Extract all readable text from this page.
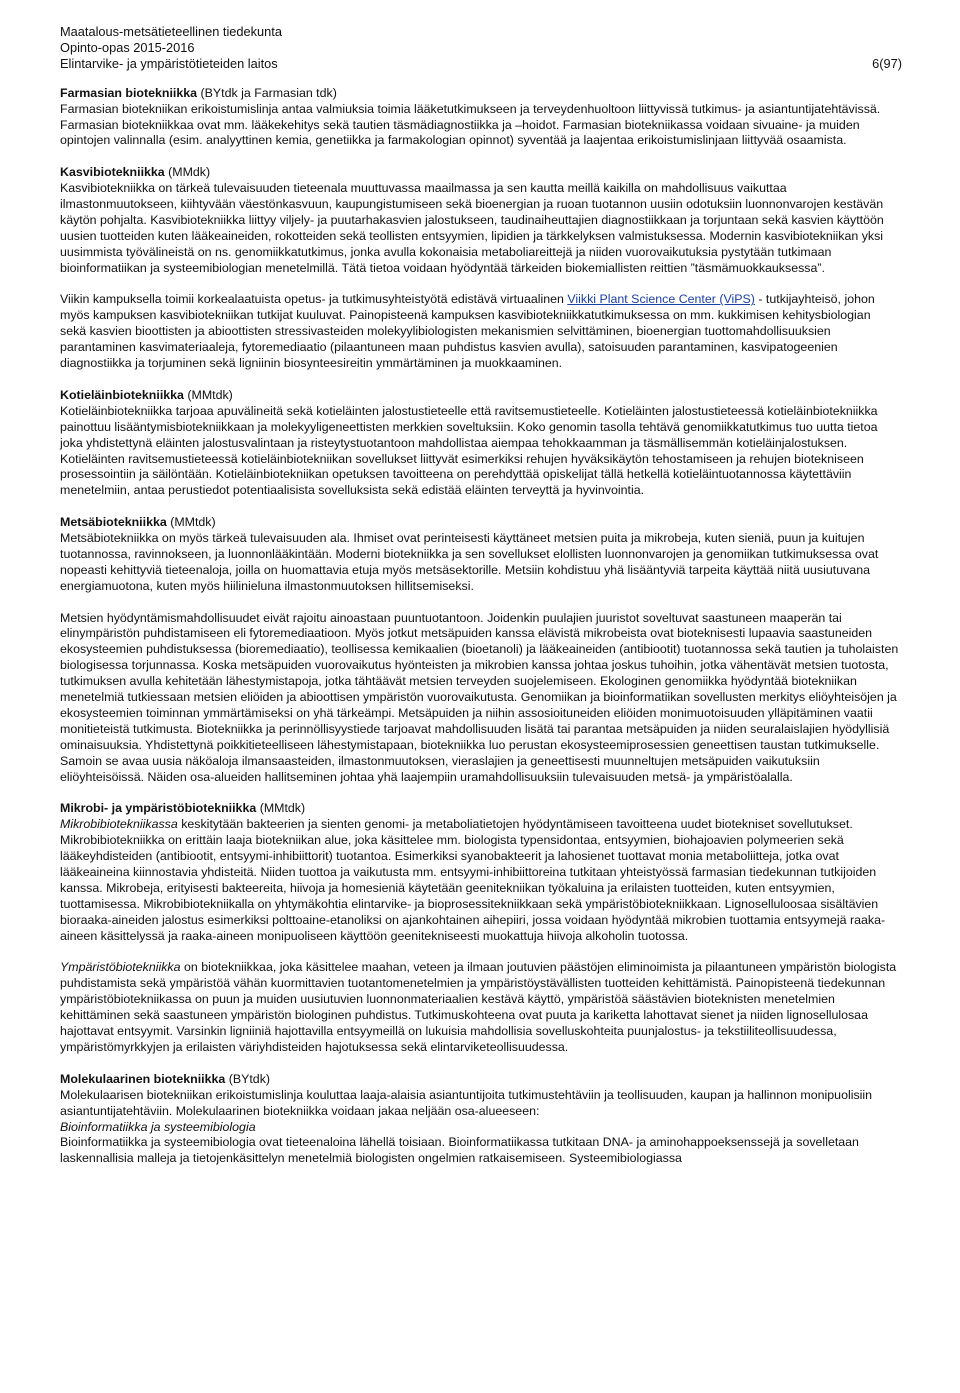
Maatalous-metsätieteellinen tiedekunta
Opinto-opas 2015-2016
Elintarvike- ja ympäristötieteiden laitos	6(97)
Farmasian biotekniikka (BYtdk ja Farmasian tdk)

Farmasian biotekniikan erikoistumislinja antaa valmiuksia toimia lääketutkimukseen ja terveydenhuoltoon liittyvissä tutkimus- ja asiantuntijatehtävissä. Farmasian biotekniikkaa ovat mm. lääkekehitys sekä tautien täsmädiagnostiikka ja –hoidot. Farmasian biotekniikassa voidaan sivuaine- ja muiden opintojen valinnalla (esim. analyyttinen kemia, genetiikka ja farmakologian opinnot) syventää ja laajentaa erikoistumislinjaan liittyvää osaamista.

Kasvibiotekniikka (MMdk)

Kasvibiotekniikka on tärkeä tulevaisuuden tieteenala muuttuvassa maailmassa ja sen kautta meillä kaikilla on mahdollisuus vaikuttaa ilmastonmuutokseen, kiihtyvään väestönkasvuun, kaupungistumiseen sekä bioenergian ja ruoan tuotannon uusiin odotuksiin luonnonvarojen kestävän käytön pohjalta. Kasvibiotekniikka liittyy viljely- ja puutarhakasvien jalostukseen, taudinaiheuttajien diagnostiikkaan ja torjuntaan sekä kasvien käyttöön uusien tuotteiden kuten lääkeaineiden, rokotteiden sekä teollisten entsyymien, lipidien ja tärkkelyksen valmistuksessa. Modernin kasvibiotekniikan yksi uusimmista työvälineistä on ns. genomiikkatutkimus, jonka avulla kokonaisia metaboliareittejä ja niiden vuorovaikutuksia pystytään tutkimaan bioinformatiikan ja systeemibiologian menetelmillä. Tätä tietoa voidaan hyödyntää tärkeiden biokemiallisten reittien ”täsmämuokkauksessa”.

Viikin kampuksella toimii korkealaatuista opetus- ja tutkimusyhteistyötä edistävä virtuaalinen Viikki Plant Science Center (ViPS) - tutkijayhteisö, johon myös kampuksen kasvibiotekniikan tutkijat kuuluvat. Painopisteenä kampuksen kasvibiotekniikkatutkimuksessa on mm. kukkimisen kehitysbiologian sekä kasvien bioottisten ja abioottisten stressivasteiden molekyylibiologisten mekanismien selvittäminen, bioenergian tuottomahdollisuuksien parantaminen kasvimateriaaleja, fytoremediaatio (pilaantuneen maan puhdistus kasvien avulla), satoisuuden parantaminen, kasvipatogeenien diagnostiikka ja torjuminen sekä ligniinin biosynteesireitin ymmärtäminen ja muokkaaminen.

Kotieläinbiotekniikka (MMtdk)

Kotieläinbiotekniikka tarjoaa apuvälineitä sekä kotieläinten jalostustieteelle että ravitsemustieteelle. Kotieläinten jalostustieteessä kotieläinbiotekniikka painottuu lisääntymisbiotekniikkaan ja molekyyligeneettisten merkkien soveltuksiin. Koko genomin tasolla tehtävä genomiikkatutkimus tuo uutta tietoa joka yhdistettynä eläinten jalostusvalintaan ja risteytystuotantoon mahdollistaa aiempaa tehokkaamman ja täsmällisemmän kotieläinjalostuksen. Kotieläinten ravitsemustieteessä kotieläinbiotekniikan sovellukset liittyvät esimerkiksi rehujen hyväksikäytön tehostamiseen ja rehujen biotekniseen prosessointiin ja säilöntään. Kotieläinbiotekniikan opetuksen tavoitteena on perehdyttää opiskelijat tällä hetkellä kotieläintuotannossa käytettäviin menetelmiin, antaa perustiedot potentiaalisista sovelluksista sekä edistää eläinten terveyttä ja hyvinvointia.

Metsäbiotekniikka (MMtdk)

Metsäbiotekniikka on myös tärkeä tulevaisuuden ala. Ihmiset ovat perinteisesti käyttäneet metsien puita ja mikrobeja, kuten sieniä, puun ja kuitujen tuotannossa, ravinnokseen, ja luonnonlääkintään. Moderni biotekniikka ja sen sovellukset elollisten luonnonvarojen ja genomiikan tutkimuksessa ovat nopeasti kehittyviä tieteenaloja, joilla on huomattavia etuja myös metsäsektorille. Metsiin kohdistuu yhä lisääntyviä tarpeita käyttää niitä uusiutuvana energiamuotona, kuten myös hiilinieluna ilmastonmuutoksen hillitsemiseksi.

Metsien hyödyntämismahdollisuudet eivät rajoitu ainoastaan puuntuotantoon. Joidenkin puulajien juuristot soveltuvat saastuneen maaperän tai elinympäristön puhdistamiseen eli fytoremediaatioon. Myös jotkut metsäpuiden kanssa elävistä mikrobeista ovat bioteknisesti lupaavia saastuneiden ekosysteemien puhdistuksessa (bioremediaatio), teollisessa kemikaalien (bioetanoli) ja lääkeaineiden (antibiootit) tuotannossa sekä tautien ja tuholaisten biologisessa torjunnassa. Koska metsäpuiden vuorovaikutus hyönteisten ja mikrobien kanssa johtaa joskus tuhoihin, jotka vähentävät metsien tuotosta, tutkimuksen avulla kehitetään lähestymistapoja, jotka tähtäävät metsien terveyden suojelemiseen. Ekologinen genomiikka hyödyntää biotekniikan menetelmiä tutkiessaan metsien eliöiden ja abioottisen ympäristön vuorovaikutusta. Genomiikan ja bioinformatiikan sovellusten merkitys eliöyhteisöjen ja ekosysteemien toiminnan ymmärtämiseksi on yhä tärkeämpi. Metsäpuiden ja niihin assosioituneiden eliöiden monimuotoisuuden ylläpitäminen vaatii monitieteistä tutkimusta. Biotekniikka ja perinnöllisyystiede tarjoavat mahdollisuuden lisätä tai parantaa metsäpuiden ja niiden seuralaislajien hyödyllisiä ominaisuuksia. Yhdistettynä poikkitieteelliseen lähestymistapaan, biotekniikka luo perustan ekosysteemiprosessien geneettisen taustan tutkimukselle. Samoin se avaa uusia näköaloja ilmansaasteiden, ilmastonmuutoksen, vieraslajien ja geneettisesti muunneltujen metsäpuiden vaikutuksiin eliöyhteisöissä. Näiden osa-alueiden hallitseminen johtaa yhä laajempiin uramahdollisuuksiin tulevaisuuden metsä- ja ympäristöalalla.

Mikrobi- ja ympäristöbiotekniikka (MMtdk)

Mikrobibiotekniikassa keskitytään bakteerien ja sienten genomi- ja metaboliatietojen hyödyntämiseen tavoitteena uudet biotekniset sovellutukset. Mikrobibiotekniikka on erittäin laaja biotekniikan alue, joka käsittelee mm. biologista typensidontaa, entsyymien, biohajoavien polymeerien sekä lääkeyhdisteiden (antibiootit, entsyymi-inhibiittorit) tuotantoa. Esimerkiksi syanobakteerit ja lahosienet tuottavat monia metaboliitteja, jotka ovat lääkeaineina kiinnostavia yhdisteitä. Niiden tuottoa ja vaikutusta mm. entsyymi-inhibiittoreina tutkitaan yhteistyössä farmasian tiedekunnan tutkijoiden kanssa. Mikrobeja, erityisesti bakteereita, hiivoja ja homesieniä käytetään geenitekniikan työkaluina ja erilaisten tuotteiden, kuten entsyymien, tuottamisessa. Mikrobibiotekniikalla on yhtymäkohtia elintarvike- ja bioprosessitekniikkaan sekä ympäristöbiotekniikkaan. Lignoselluloosaa sisältävien bioraaka-aineiden jalostus esimerkiksi polttoaine-etanoliksi on ajankohtainen aihepiiri, jossa voidaan hyödyntää mikrobien tuottamia entsyymejä raaka-aineen käsittelyssä ja raaka-aineen monipuoliseen käyttöön geenitekniseesti muokattuja hiivoja alkoholin tuotossa.

Ympäristöbiotekniikka on biotekniikkaa, joka käsittelee maahan, veteen ja ilmaan joutuvien päästöjen eliminoimista ja pilaantuneen ympäristön biologista puhdistamista sekä ympäristöä vähän kuormittavien tuotantomenetelmien ja ympäristöystävällisten tuotteiden kehittämistä. Painopisteenä tiedekunnan ympäristöbiotekniikassa on puun ja muiden uusiutuvien luonnonmateriaalien kestävä käyttö, ympäristöä säästävien bioteknisten menetelmien kehittäminen sekä saastuneen ympäristön biologinen puhdistus. Tutkimuskohteena ovat puuta ja kariketta lahottavat sienet ja niiden lignosellulosaa hajottavat entsyymit. Varsinkin ligniiniä hajottavilla entsyymeillä on lukuisia mahdollisia sovelluskohteita puunjalostus- ja tekstiiliteollisuudessa, ympäristömyrkkyjen ja erilaisten väriyhdisteiden hajotuksessa sekä elintarviketeollisuudessa.

Molekulaarinen biotekniikka (BYtdk)

Molekulaarisen biotekniikan erikoistumislinja kouluttaa laaja-alaisia asiantuntijoita tutkimustehtäviin ja teollisuuden, kaupan ja hallinnon monipuolisiin asiantuntijatehtäviin. Molekulaarinen biotekniikka voidaan jakaa neljään osa-alueeseen:

Bioinformatiikka ja systeemibiologia

Bioinformatiikka ja systeemibiologia ovat tieteenaloina lähellä toisiaan. Bioinformatiikassa tutkitaan DNA- ja aminohappoeksenssejä ja sovelletaan laskennallisia malleja ja tietojenkäsittelyn menetelmiä biologisten ongelmien ratkaisemiseen. Systeemibiologiassa
